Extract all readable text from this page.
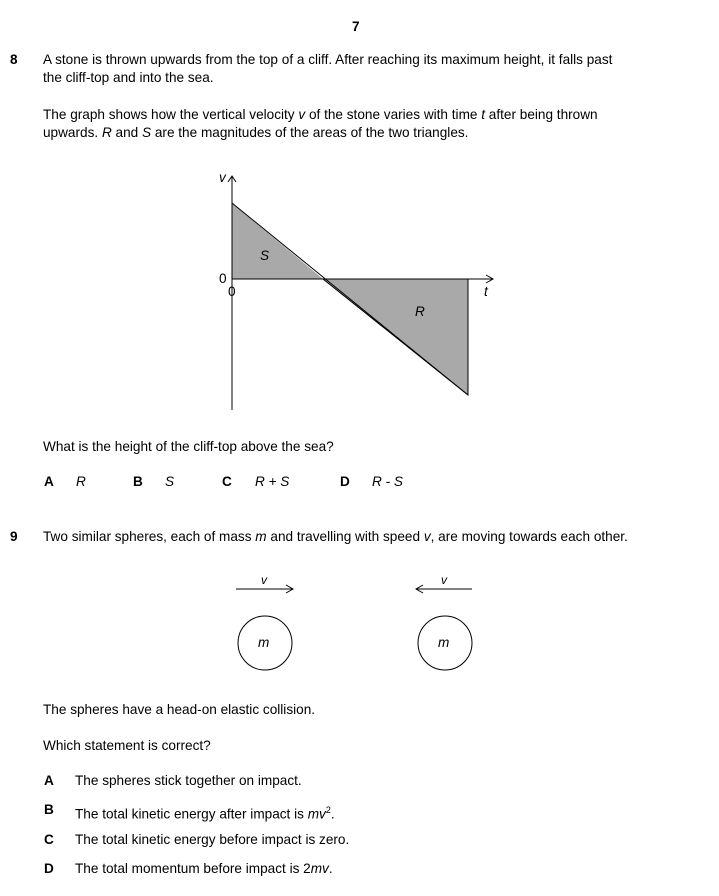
7
8 A stone is thrown upwards from the top of a cliff. After reaching its maximum height, it falls past
the cliff-top and into the sea.
The graph shows how the vertical velocity v of the stone varies with time t after being thrown
upwards. R and S are the magnitudes of the areas of the two triangles.
v
0
0	t
S
R
What is the height of the cliff-top above the sea?
A R	B S	C R + S	D R - S
9 Two similar spheres, each of mass m and travelling with speed v, are moving towards each other.
v	v
m	m
The spheres have a head-on elastic collision.
Which statement is correct?
A The spheres stick together on impact.
B The total kinetic energy after impact is $mv^2$.
C The total kinetic energy before impact is zero.
D The total momentum before impact is 2mv.
